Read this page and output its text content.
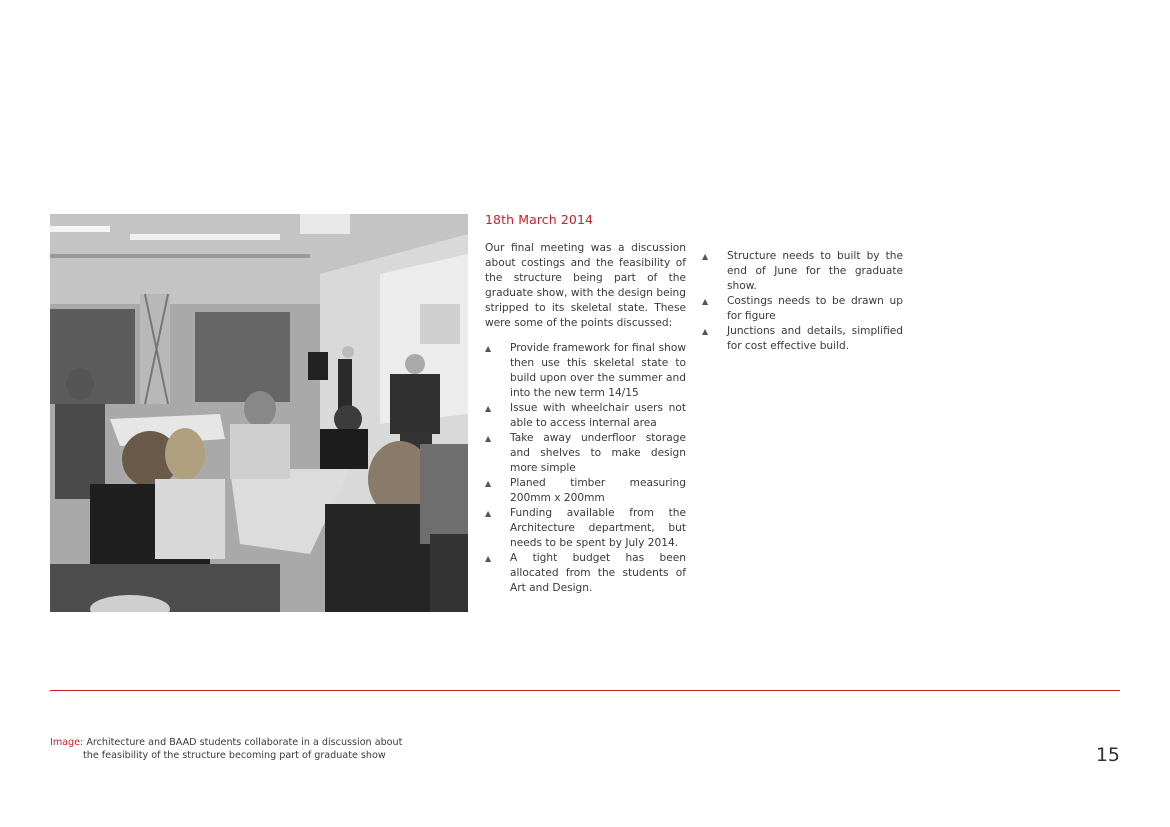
18th March 2014

Our final meeting was a discussion about costings and the feasibility of the structure being part of the graduate show, with the design being stripped to its skeletal state. These were some of the points discussed:

▲ Provide framework for final show then use this skeletal state to build upon over the summer and into the new term 14/15
▲ Issue with wheelchair users not able to access internal area
▲ Take away underfloor storage and shelves to make design more simple
▲ Planed timber measuring 200mm x 200mm
▲ Funding available from the Architecture department, but needs to be spent by July 2014.
▲ A tight budget has been allocated from the students of Art and Design.
▲ Structure needs to built by the end of June for the graduate show.
▲ Costings needs to be drawn up for figure
▲ Junctions and details, simplified for cost effective build.
Image: Architecture and BAAD students collaborate in a discussion about
the feasibility of the structure becoming part of graduate show	15
